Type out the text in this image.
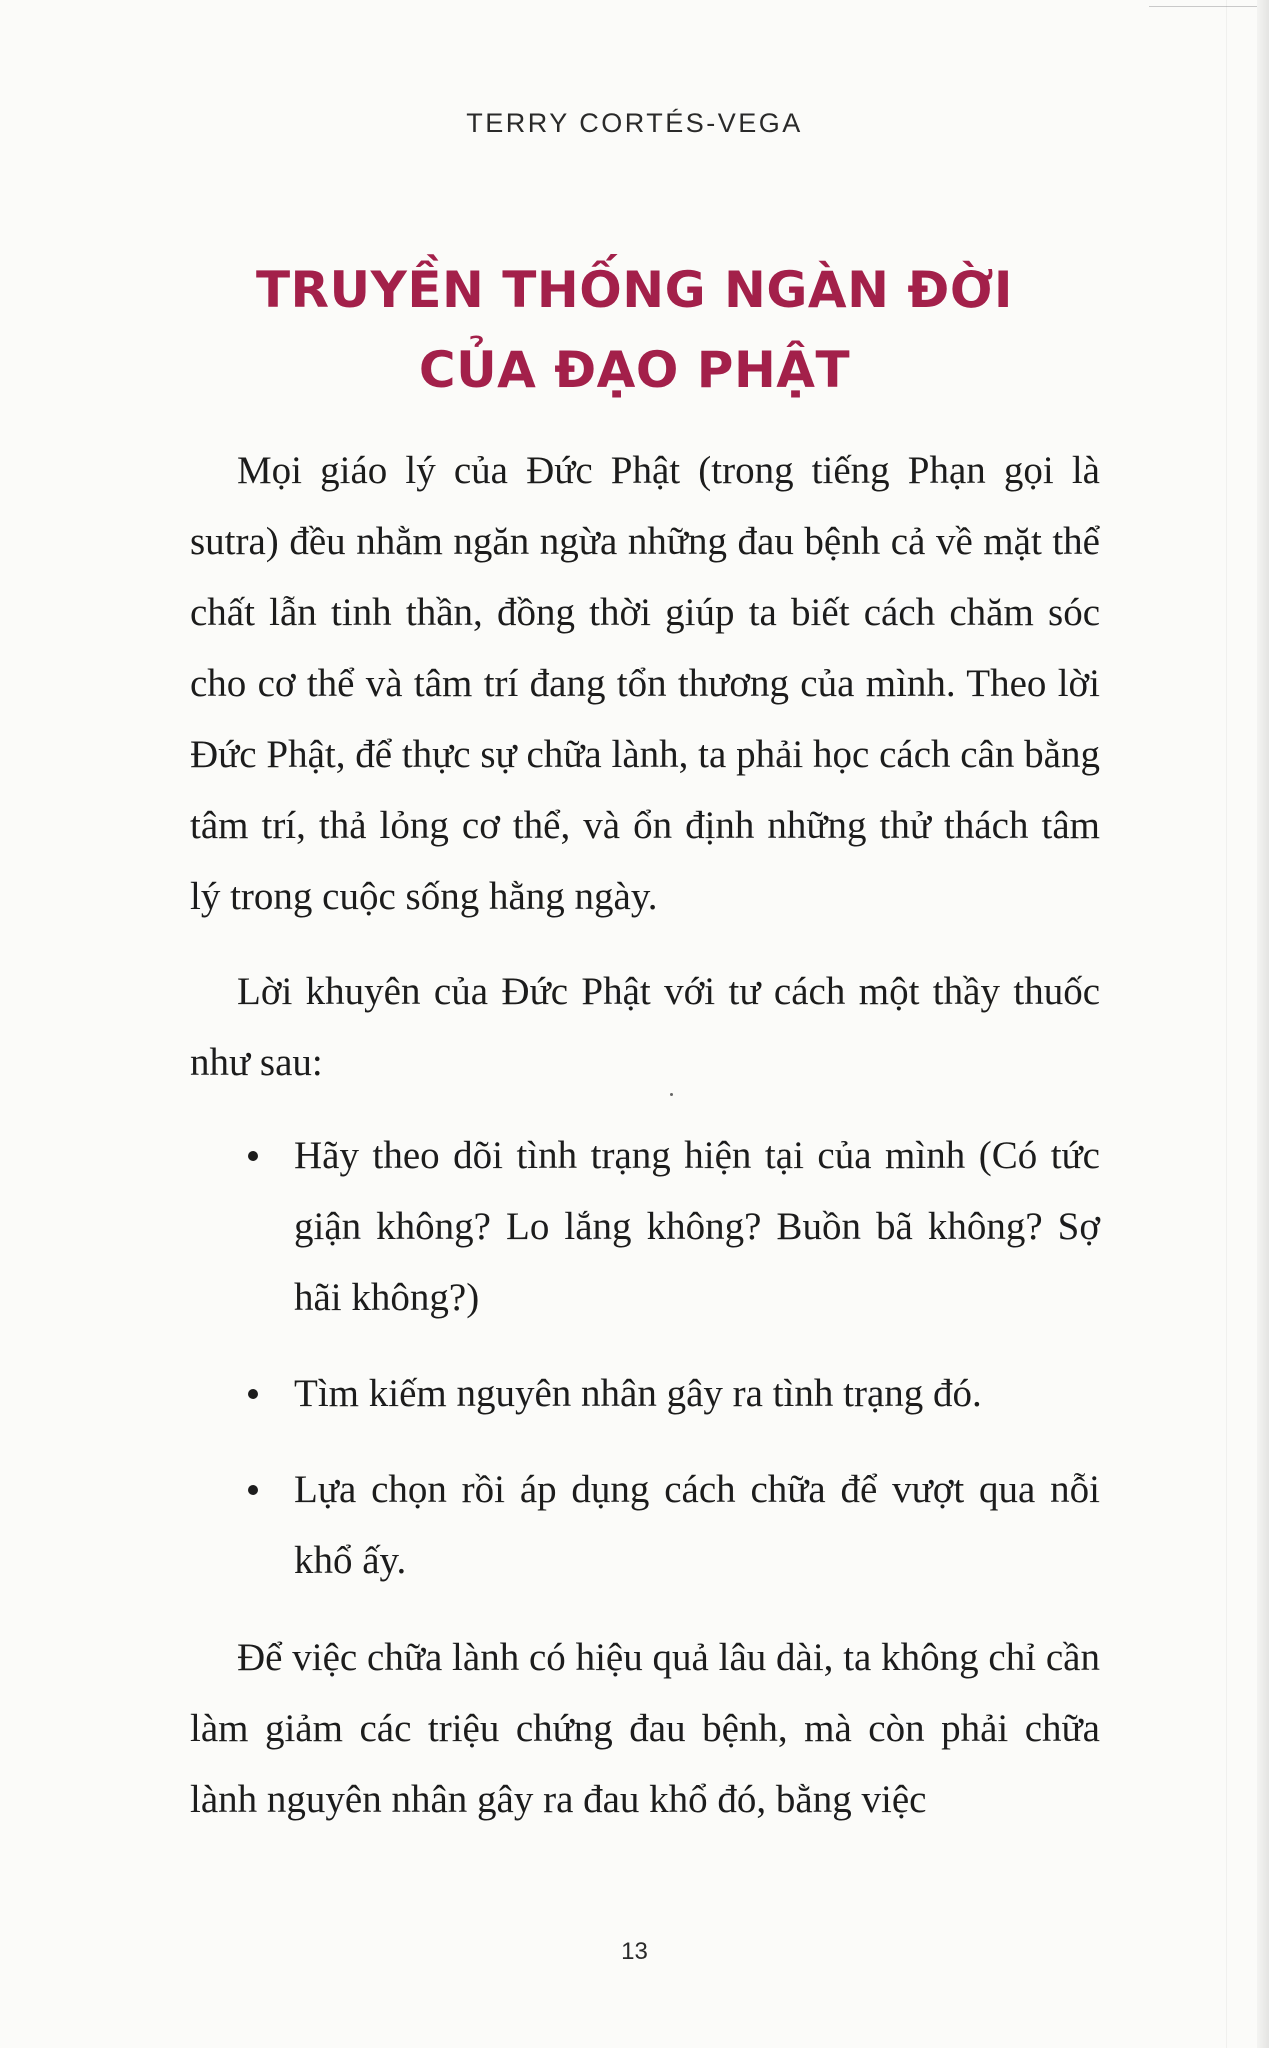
TERRY CORTÉS-VEGA
TRUYỀN THỐNG NGÀN ĐỜI
CỦA ĐẠO PHẬT

Mọi giáo lý của Đức Phật (trong tiếng Phạn gọi là sutra) đều nhằm ngăn ngừa những đau bệnh cả về mặt thể chất lẫn tinh thần, đồng thời giúp ta biết cách chăm sóc cho cơ thể và tâm trí đang tổn thương của mình. Theo lời Đức Phật, để thực sự chữa lành, ta phải học cách cân bằng tâm trí, thả lỏng cơ thể, và ổn định những thử thách tâm lý trong cuộc sống hằng ngày.

Lời khuyên của Đức Phật với tư cách một thầy thuốc như sau:

Hãy theo dõi tình trạng hiện tại của mình (Có tức giận không? Lo lắng không? Buồn bã không? Sợ hãi không?)
Tìm kiếm nguyên nhân gây ra tình trạng đó.
Lựa chọn rồi áp dụng cách chữa để vượt qua nỗi khổ ấy.

Để việc chữa lành có hiệu quả lâu dài, ta không chỉ cần làm giảm các triệu chứng đau bệnh, mà còn phải chữa lành nguyên nhân gây ra đau khổ đó, bằng việc

13
